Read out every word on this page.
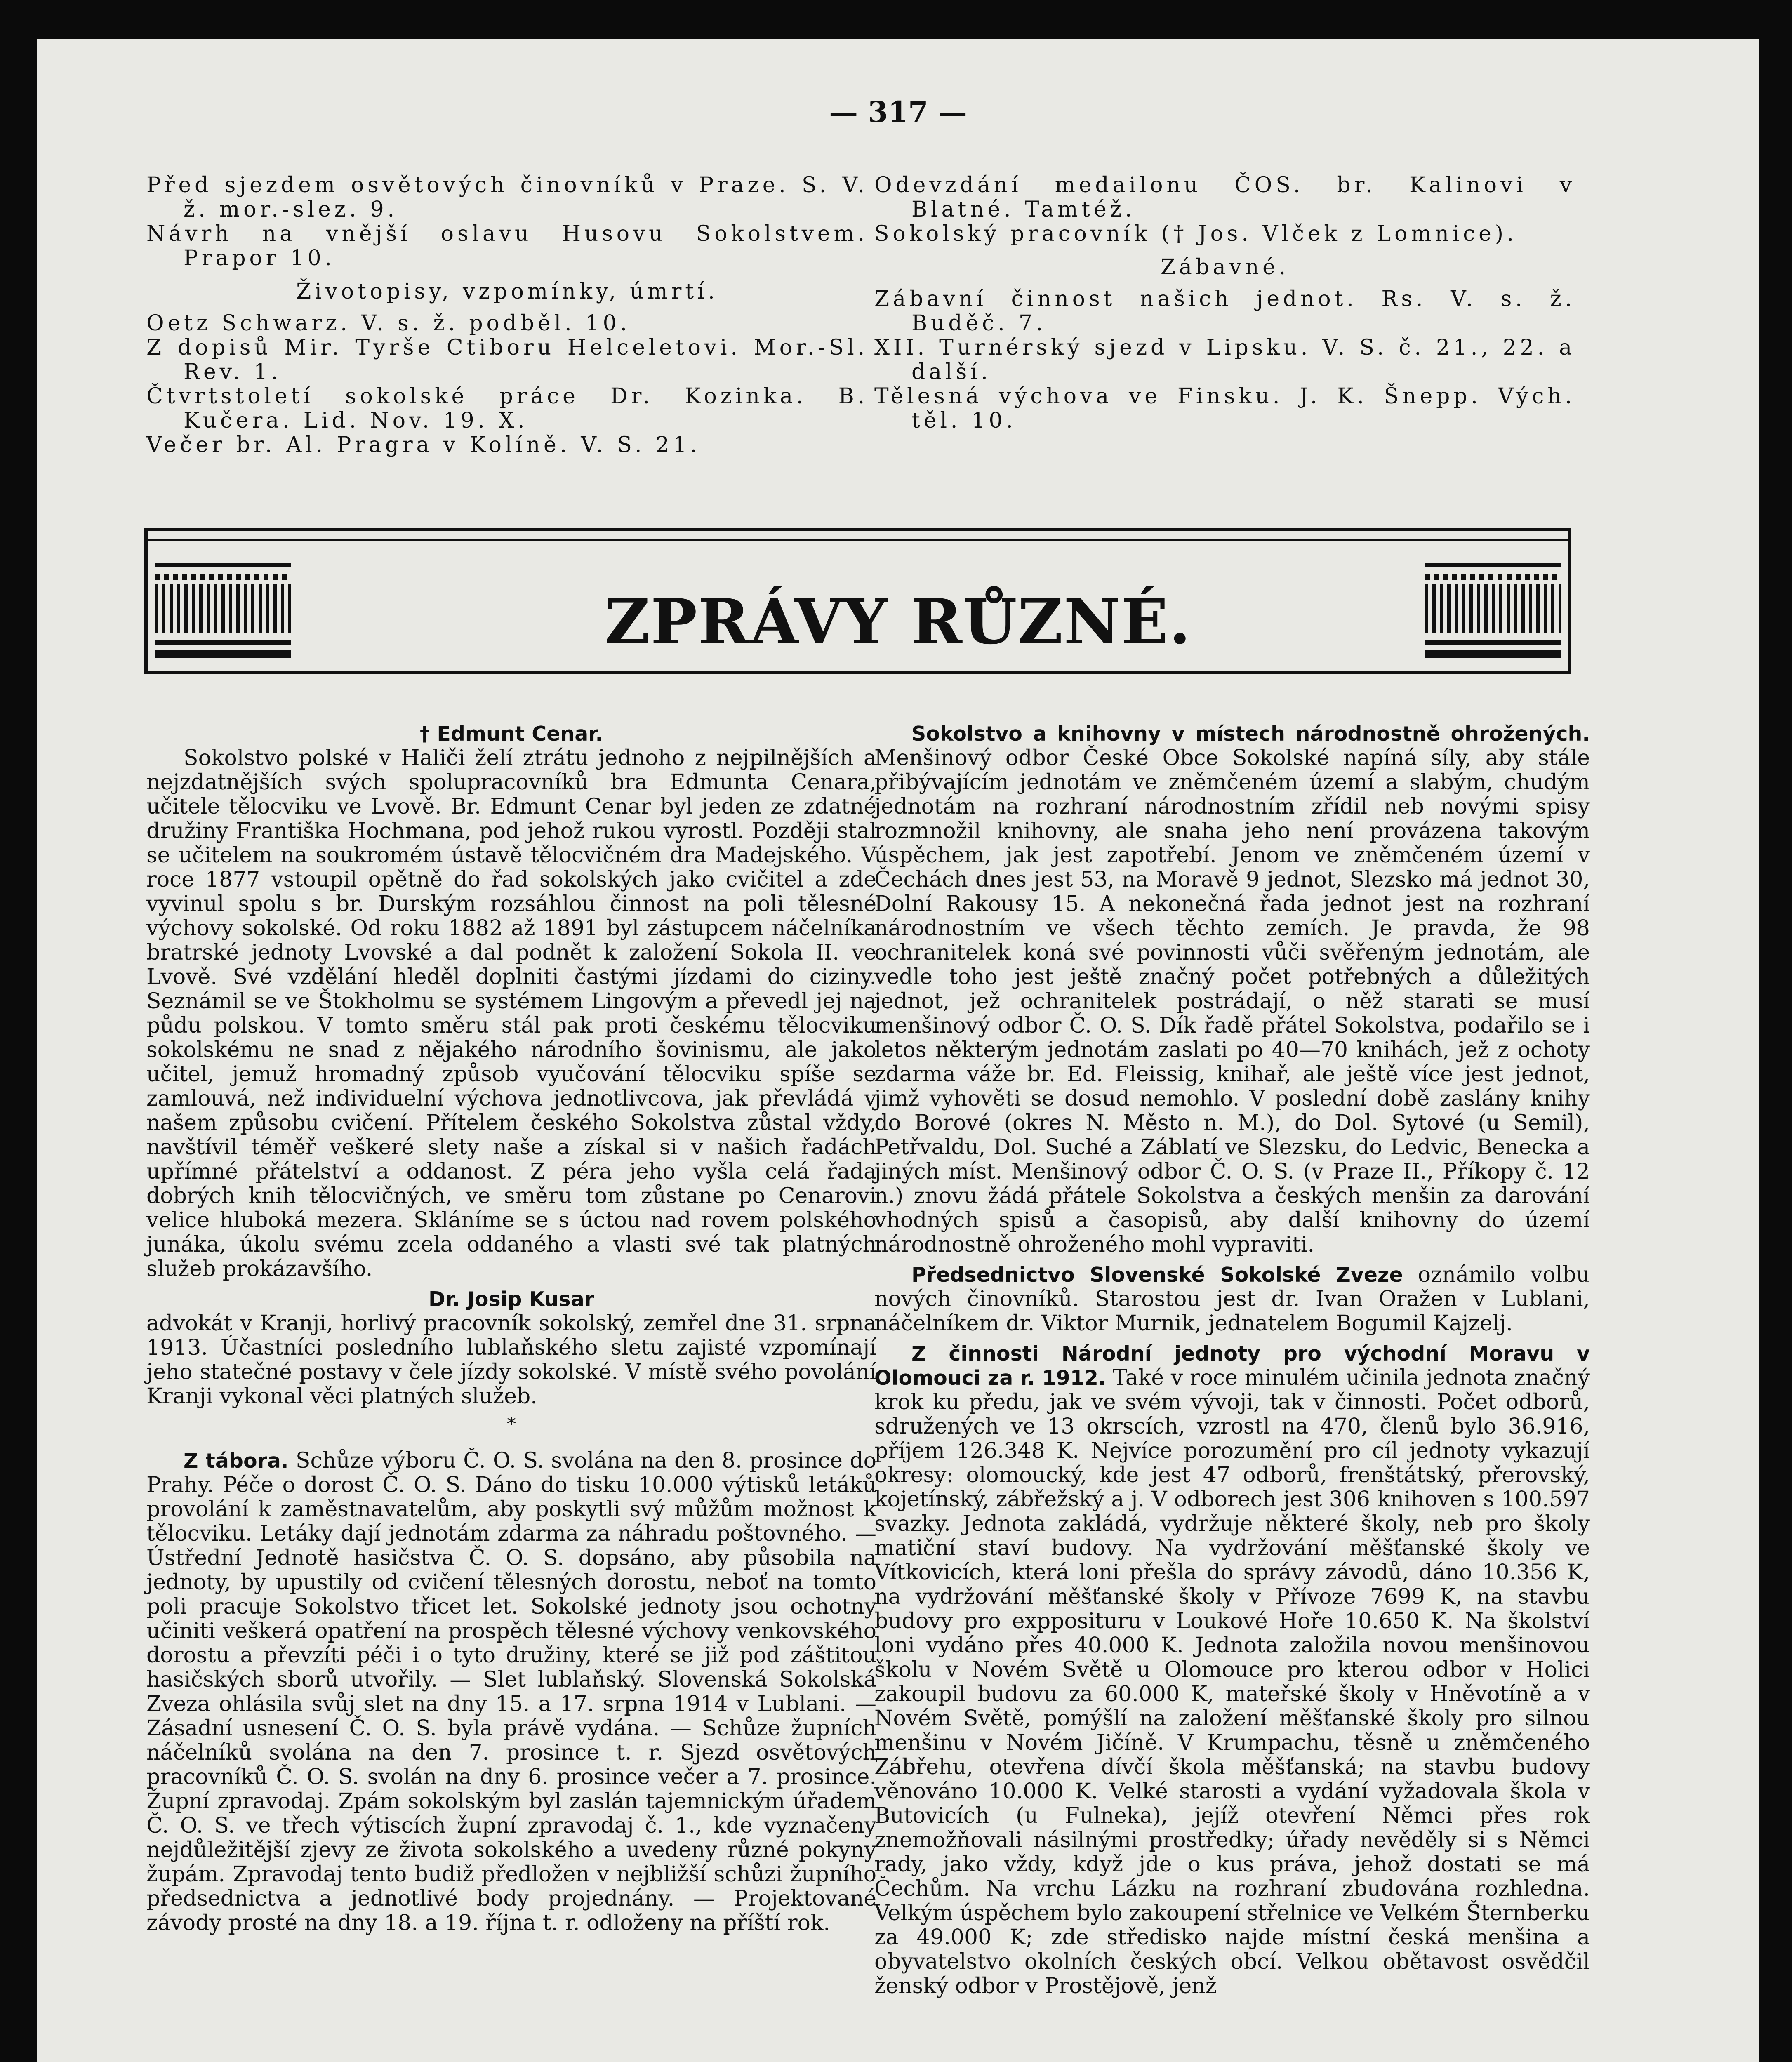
— 317 —

Před sjezdem osvětových činovníků v Praze. S. V. ž. mor.-slez. 9.

Návrh na vnější oslavu Husovu Sokolstvem. Prapor 10.

Životopisy, vzpomínky, úmrtí.

Oetz Schwarz. V. s. ž. podběl. 10.

Z dopisů Mir. Tyrše Ctiboru Helceletovi. Mor.-Sl. Rev. 1.

Čtvrtstoletí sokolské práce Dr. Kozinka. B. Kučera. Lid. Nov. 19. X.

Večer br. Al. Pragra v Kolíně. V. S. 21.

Odevzdání medailonu ČOS. br. Kalinovi v Blatné. Tamtéž.

Sokolský pracovník († Jos. Vlček z Lomnice).

Zábavné.

Zábavní činnost našich jednot. Rs. V. s. ž. Buděč. 7.

XII. Turnérský sjezd v Lipsku. V. S. č. 21., 22. a další.

Tělesná výchova ve Finsku. J. K. Šnepp. Vých. těl. 10.

ZPRÁVY RŮZNÉ.

† Edmunt Cenar.

Sokolstvo polské v Haliči želí ztrátu jednoho z nejpilnějších a nejzdatnějších svých spolupracovníků bra Edmunta Cenara, učitele tělocviku ve Lvově. Br. Edmunt Cenar byl jeden ze zdatné družiny Františka Hochmana, pod jehož rukou vyrostl. Později stal se učitelem na soukromém ústavě tělocvičném dra Madejského. V roce 1877 vstoupil opětně do řad sokolských jako cvičitel a zde vyvinul spolu s br. Durským rozsáhlou činnost na poli tělesné výchovy sokolské. Od roku 1882 až 1891 byl zástupcem náčelníka bratrské jednoty Lvovské a dal podnět k založení Sokola II. ve Lvově. Své vzdělání hleděl doplniti častými jízdami do ciziny. Seznámil se ve Štokholmu se systémem Lingovým a převedl jej na půdu polskou. V tomto směru stál pak proti českému tělocviku sokolskému ne snad z nějakého národního šovinismu, ale jako učitel, jemuž hromadný způsob vyučování tělocviku spíše se zamlouvá, než individuelní výchova jednotlivcova, jak převládá v našem způsobu cvičení. Přítelem českého Sokolstva zůstal vždy, navštívil téměř veškeré slety naše a získal si v našich řadách upřímné přátelství a oddanost. Z péra jeho vyšla celá řada dobrých knih tělocvičných, ve směru tom zůstane po Cenarovi velice hluboká mezera. Skláníme se s úctou nad rovem polského junáka, úkolu svému zcela oddaného a vlasti své tak platných služeb prokázavšího.

Dr. Josip Kusar

advokát v Kranji, horlivý pracovník sokolský, zemřel dne 31. srpna 1913. Účastníci posledního lublaňského sletu zajisté vzpomínají jeho statečné postavy v čele jízdy sokolské. V místě svého povolání Kranji vykonal věci platných služeb.

*

Z tábora. Schůze výboru Č. O. S. svolána na den 8. prosince do Prahy. Péče o dorost Č. O. S. Dáno do tisku 10.000 výtisků letáků provolání k zaměstnavatelům, aby poskytli svý můžům možnost k tělocviku. Letáky dají jednotám zdarma za náhradu poštovného. — Ústřední Jednotě hasičstva Č. O. S. dopsáno, aby působila na jednoty, by upustily od cvičení tělesných dorostu, neboť na tomto poli pracuje Sokolstvo třicet let. Sokolské jednoty jsou ochotny učiniti veškerá opatření na prospěch tělesné výchovy venkovského dorostu a převzíti péči i o tyto družiny, které se již pod záštitou hasičských sborů utvořily. — Slet lublaňský. Slovenská Sokolská Zveza ohlásila svůj slet na dny 15. a 17. srpna 1914 v Lublani. — Zásadní usnesení Č. O. S. byla právě vydána. — Schůze župních náčelníků svolána na den 7. prosince t. r. Sjezd osvětových pracovníků Č. O. S. svolán na dny 6. prosince večer a 7. prosince. Župní zpravodaj. Zpám sokolským byl zaslán tajemnickým úřadem Č. O. S. ve třech výtiscích župní zpravodaj č. 1., kde vyznačeny nejdůležitější zjevy ze života sokolského a uvedeny různé pokyny župám. Zpravodaj tento budiž předložen v nejbližší schůzi župního předsednictva a jednotlivé body projednány. — Projektované závody prosté na dny 18. a 19. října t. r. odloženy na příští rok.

Sokolstvo a knihovny v místech národnostně ohrožených. Menšinový odbor České Obce Sokolské napíná síly, aby stále přibývajícím jednotám ve zněmčeném území a slabým, chudým jednotám na rozhraní národnostním zřídil neb novými spisy rozmnožil knihovny, ale snaha jeho není provázena takovým úspěchem, jak jest zapotřebí. Jenom ve zněmčeném území v Čechách dnes jest 53, na Moravě 9 jednot, Slezsko má jednot 30, Dolní Rakousy 15. A nekonečná řada jednot jest na rozhraní národnostním ve všech těchto zemích. Je pravda, že 98 ochranitelek koná své povinnosti vůči svěřeným jednotám, ale vedle toho jest ještě značný počet potřebných a důležitých jednot, jež ochranitelek postrádají, o něž starati se musí menšinový odbor Č. O. S. Dík řadě přátel Sokolstva, podařilo se i letos některým jednotám zaslati po 40—70 knihách, jež z ochoty zdarma váže br. Ed. Fleissig, knihař, ale ještě více jest jednot, jimž vyhověti se dosud nemohlo. V poslední době zaslány knihy do Borové (okres N. Město n. M.), do Dol. Sytové (u Semil), Petřvaldu, Dol. Suché a Záblatí ve Slezsku, do Ledvic, Benecka a jiných míst. Menšinový odbor Č. O. S. (v Praze II., Příkopy č. 12 n.) znovu žádá přátele Sokolstva a českých menšin za darování vhodných spisů a časopisů, aby další knihovny do území národnostně ohroženého mohl vypraviti.

Předsednictvo Slovenské Sokolské Zveze oznámilo volbu nových činovníků. Starostou jest dr. Ivan Oražen v Lublani, náčelníkem dr. Viktor Murnik, jednatelem Bogumil Kajzelj.

Z činnosti Národní jednoty pro východní Moravu v Olomouci za r. 1912. Také v roce minulém učinila jednota značný krok ku předu, jak ve svém vývoji, tak v činnosti. Počet odborů, sdružených ve 13 okrscích, vzrostl na 470, členů bylo 36.916, příjem 126.348 K. Nejvíce porozumění pro cíl jednoty vykazují okresy: olomoucký, kde jest 47 odborů, frenštátský, přerovský, kojetínský, zábřežský a j. V odborech jest 306 knihoven s 100.597 svazky. Jednota zakládá, vydržuje některé školy, neb pro školy matiční staví budovy. Na vydržování měšťanské školy ve Vítkovicích, která loni přešla do správy závodů, dáno 10.356 K, na vydržování měšťanské školy v Přívoze 7699 K, na stavbu budovy pro expposituru v Loukové Hoře 10.650 K. Na školství loni vydáno přes 40.000 K. Jednota založila novou menšinovou školu v Novém Světě u Olomouce pro kterou odbor v Holici zakoupil budovu za 60.000 K, mateřské školy v Hněvotíně a v Novém Světě, pomýšlí na založení měšťanské školy pro silnou menšinu v Novém Jičíně. V Krumpachu, těsně u zněmčeného Zábřehu, otevřena dívčí škola měšťanská; na stavbu budovy věnováno 10.000 K. Velké starosti a vydání vyžadovala škola v Butovicích (u Fulneka), jejíž otevření Němci přes rok znemožňovali násilnými prostředky; úřady nevěděly si s Němci rady, jako vždy, když jde o kus práva, jehož dostati se má Čechům. Na vrchu Lázku na rozhraní zbudována rozhledna. Velkým úspěchem bylo zakoupení střelnice ve Velkém Šternberku za 49.000 K; zde středisko najde místní česká menšina a obyvatelstvo okolních českých obcí. Velkou obětavost osvědčil ženský odbor v Prostějově, jenž
